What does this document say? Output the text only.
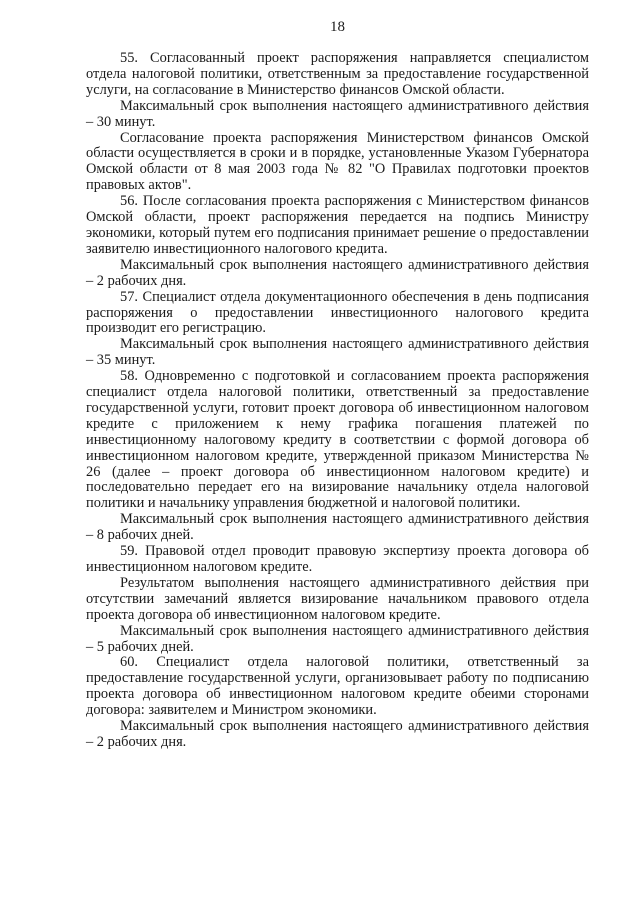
18

55. Согласованный проект распоряжения направляется специалистом отдела налоговой политики, ответственным за предоставление государственной услуги, на согласование в Министерство финансов Омской области.

Максимальный срок выполнения настоящего административного действия – 30 минут.

Согласование проекта распоряжения Министерством финансов Омской области осуществляется в сроки и в порядке, установленные Указом Губернатора Омской области от 8 мая 2003 года № 82 "О Правилах подготовки проектов правовых актов".

56. После согласования проекта распоряжения с Министерством финансов Омской области, проект распоряжения передается на подпись Министру экономики, который путем его подписания принимает решение о предоставлении заявителю инвестиционного налогового кредита.

Максимальный срок выполнения настоящего административного действия – 2 рабочих дня.

57. Специалист отдела документационного обеспечения в день подписания распоряжения о предоставлении инвестиционного налогового кредита производит его регистрацию.

Максимальный срок выполнения настоящего административного действия – 35 минут.

58. Одновременно с подготовкой и согласованием проекта распоряжения специалист отдела налоговой политики, ответственный за предоставление государственной услуги, готовит проект договора об инвестиционном налоговом кредите с приложением к нему графика погашения платежей по инвестиционному налоговому кредиту в соответствии с формой договора об инвестиционном налоговом кредите, утвержденной приказом Министерства № 26 (далее – проект договора об инвестиционном налоговом кредите) и последовательно передает его на визирование начальнику отдела налоговой политики и начальнику управления бюджетной и налоговой политики.

Максимальный срок выполнения настоящего административного действия – 8 рабочих дней.

59. Правовой отдел проводит правовую экспертизу проекта договора об инвестиционном налоговом кредите.

Результатом выполнения настоящего административного действия при отсутствии замечаний является визирование начальником правового отдела проекта договора об инвестиционном налоговом кредите.

Максимальный срок выполнения настоящего административного действия – 5 рабочих дней.

60. Специалист отдела налоговой политики, ответственный за предоставление государственной услуги, организовывает работу по подписанию проекта договора об инвестиционном налоговом кредите обеими сторонами договора: заявителем и Министром экономики.

Максимальный срок выполнения настоящего административного действия – 2 рабочих дня.
